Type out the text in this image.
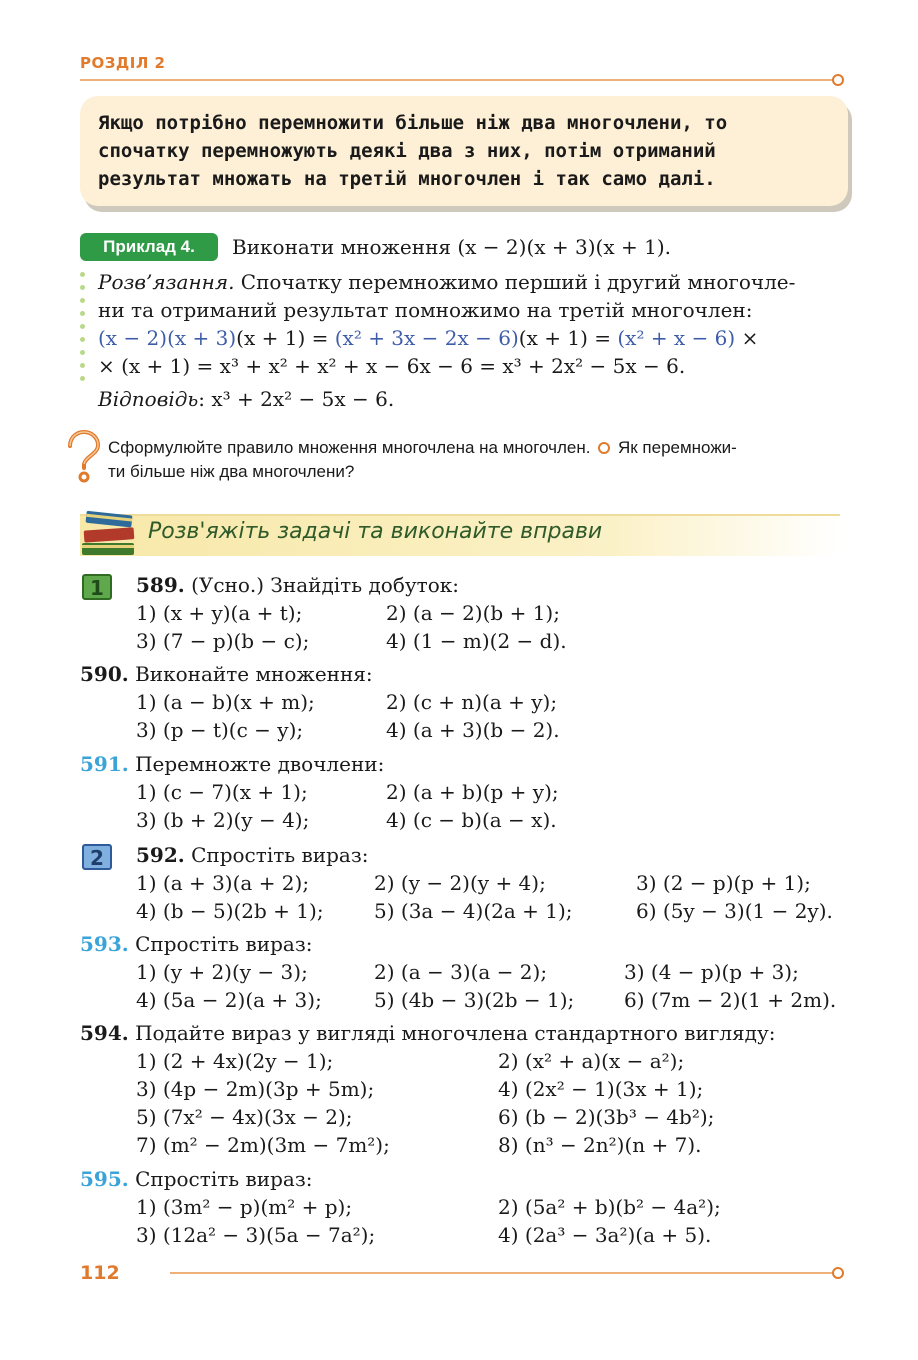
РОЗДІЛ 2
Якщо потрібно перемножити більше ніж два многочлени, то
спочатку перемножують деякі два з них, потім отриманий
результат множать на третій многочлен і так само далі.
Приклад 4.	Виконати множення (x − 2)(x + 3)(x + 1).
Розв’язання. Спочатку перемножимо перший і другий многочле-
ни та отриманий результат помножимо на третій многочлен:
(x − 2)(x + 3)(x + 1) = (x² + 3x − 2x − 6)(x + 1) = (x² + x − 6) ×
× (x + 1) = x³ + x² + x² + x − 6x − 6 = x³ + 2x² − 5x − 6.
Відповідь: x³ + 2x² − 5x − 6.
Сформулюйте правило множення многочлена на многочлен. Як перемножи-
ти більше ніж два многочлени?
Розв'яжіть задачі та виконайте вправи
1
2
589. (Усно.) Знайдіть добуток:
1) (x + y)(a + t);	2) (a − 2)(b + 1);
3) (7 − p)(b − c);	4) (1 − m)(2 − d).
590. Виконайте множення:
1) (a − b)(x + m);	2) (c + n)(a + y);
3) (p − t)(c − y);	4) (a + 3)(b − 2).
591. Перемножте двочлени:
1) (c − 7)(x + 1);	2) (a + b)(p + y);
3) (b + 2)(y − 4);	4) (c − b)(a − x).
592. Спростіть вираз:
1) (a + 3)(a + 2);	2) (y − 2)(y + 4);	3) (2 − p)(p + 1);
4) (b − 5)(2b + 1);	5) (3a − 4)(2a + 1);	6) (5y − 3)(1 − 2y).
593. Спростіть вираз:
1) (y + 2)(y − 3);	2) (a − 3)(a − 2);	3) (4 − p)(p + 3);
4) (5a − 2)(a + 3);	5) (4b − 3)(2b − 1); 6) (7m − 2)(1 + 2m).
594. Подайте вираз у вигляді многочлена стандартного вигляду:
1) (2 + 4x)(2y − 1);	2) (x² + a)(x − a²);
3) (4p − 2m)(3p + 5m);	4) (2x² − 1)(3x + 1);
5) (7x² − 4x)(3x − 2);	6) (b − 2)(3b³ − 4b²);
7) (m² − 2m)(3m − 7m²);	8) (n³ − 2n²)(n + 7).
595. Спростіть вираз:
1) (3m² − p)(m² + p);	2) (5a² + b)(b² − 4a²);
3) (12a² − 3)(5a − 7a²);	4) (2a³ − 3a²)(a + 5).
112
